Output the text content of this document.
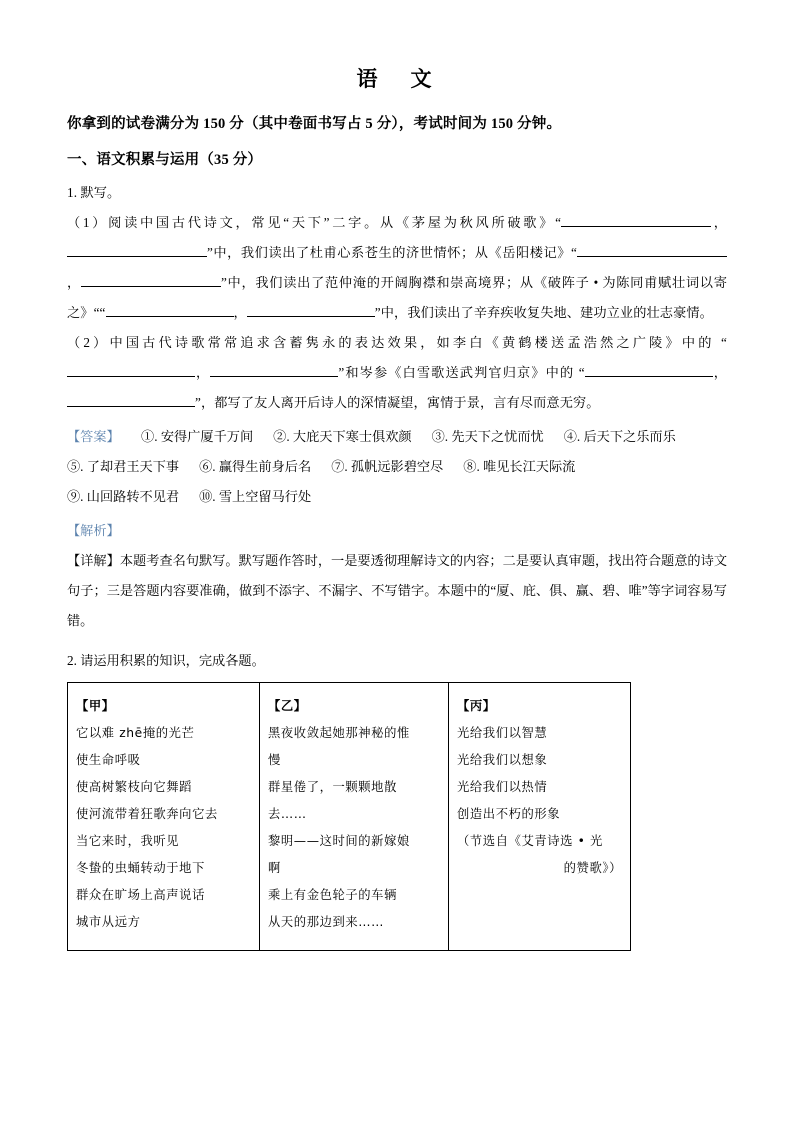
语　文
你拿到的试卷满分为 150 分（其中卷面书写占 5 分），考试时间为 150 分钟。
一、语文积累与运用（35 分）
1. 默写。
（1）阅读中国古代诗文，常见“天下”二字。从《茅屋为秋风所破歌》“	，”中，我们读出了杜甫心系苍生的济世情怀；从《岳阳楼记》“，	”中，我们读出了范仲淹的开阔胸襟和崇高境界；从《破阵子 • 为陈同甫赋壮词以寄之》““	，	”中，我们读出了辛弃疾收复失地、建功立业的壮志豪情。
（2）中国古代诗歌常常追求含蓄隽永的表达效果，如李白《黄鹤楼送孟浩然之广陵》中的 “，	”和岑参《白雪歌送武判官归京》中的 “	，”，都写了友人离开后诗人的深情凝望，寓情于景，言有尽而意无穷。
【答案】 ①. 安得广厦千万间 ②. 大庇天下寒士俱欢颜 ③. 先天下之忧而忧 ④. 后天下之乐而乐⑤. 了却君王天下事 ⑥. 赢得生前身后名 ⑦. 孤帆远影碧空尽 ⑧. 唯见长江天际流⑨. 山回路转不见君 ⑩. 雪上空留马行处
【解析】
【详解】本题考查名句默写。默写题作答时，一是要透彻理解诗文的内容；二是要认真审题，找出符合题意的诗文句子；三是答题内容要准确，做到不添字、不漏字、不写错字。本题中的“厦、庇、俱、赢、碧、唯”等字词容易写错。
2. 请运用积累的知识，完成各题。
【甲】
它以难 zhē掩的光芒
使生命呼吸
使高树繁枝向它舞蹈
使河流带着狂歌奔向它去
当它来时，我听见
冬蛰的虫蛹转动于地下
群众在旷场上高声说话
城市从远方

【乙】
黑夜收敛起她那神秘的惟
慢
群星倦了，一颗颗地散
去……
黎明——这时间的新嫁娘
啊
乘上有金色轮子的车辆
从天的那边到来……

【丙】
光给我们以智慧
光给我们以想象
光给我们以热情
创造出不朽的形象
（节选自《艾青诗选 • 光
的赞歌》）
